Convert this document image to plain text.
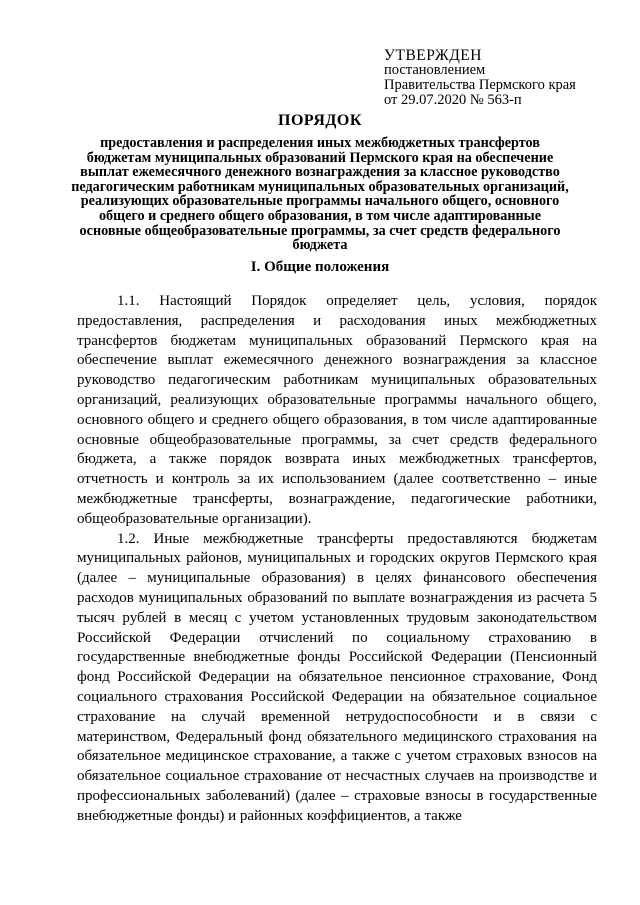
УТВЕРЖДЕН
постановлением
Правительства Пермского края
от 29.07.2020 № 563-п
ПОРЯДОК
предоставления и распределения иных межбюджетных трансфертов бюджетам муниципальных образований Пермского края на обеспечение выплат ежемесячного денежного вознаграждения за классное руководство педагогическим работникам муниципальных образовательных организаций, реализующих образовательные программы начального общего, основного общего и среднего общего образования, в том числе адаптированные основные общеобразовательные программы, за счет средств федерального бюджета
I. Общие положения

1.1. Настоящий Порядок определяет цель, условия, порядок предоставления, распределения и расходования иных межбюджетных трансфертов бюджетам муниципальных образований Пермского края на обеспечение выплат ежемесячного денежного вознаграждения за классное руководство педагогическим работникам муниципальных образовательных организаций, реализующих образовательные программы начального общего, основного общего и среднего общего образования, в том числе адаптированные основные общеобразовательные программы, за счет средств федерального бюджета, а также порядок возврата иных межбюджетных трансфертов, отчетность и контроль за их использованием (далее соответственно – иные межбюджетные трансферты, вознаграждение, педагогические работники, общеобразовательные организации).

1.2. Иные межбюджетные трансферты предоставляются бюджетам муниципальных районов, муниципальных и городских округов Пермского края (далее – муниципальные образования) в целях финансового обеспечения расходов муниципальных образований по выплате вознаграждения из расчета 5 тысяч рублей в месяц с учетом установленных трудовым законодательством Российской Федерации отчислений по социальному страхованию в государственные внебюджетные фонды Российской Федерации (Пенсионный фонд Российской Федерации на обязательное пенсионное страхование, Фонд социального страхования Российской Федерации на обязательное социальное страхование на случай временной нетрудоспособности и в связи с материнством, Федеральный фонд обязательного медицинского страхования на обязательное медицинское страхование, а также с учетом страховых взносов на обязательное социальное страхование от несчастных случаев на производстве и профессиональных заболеваний) (далее – страховые взносы в государственные внебюджетные фонды) и районных коэффициентов, а также
